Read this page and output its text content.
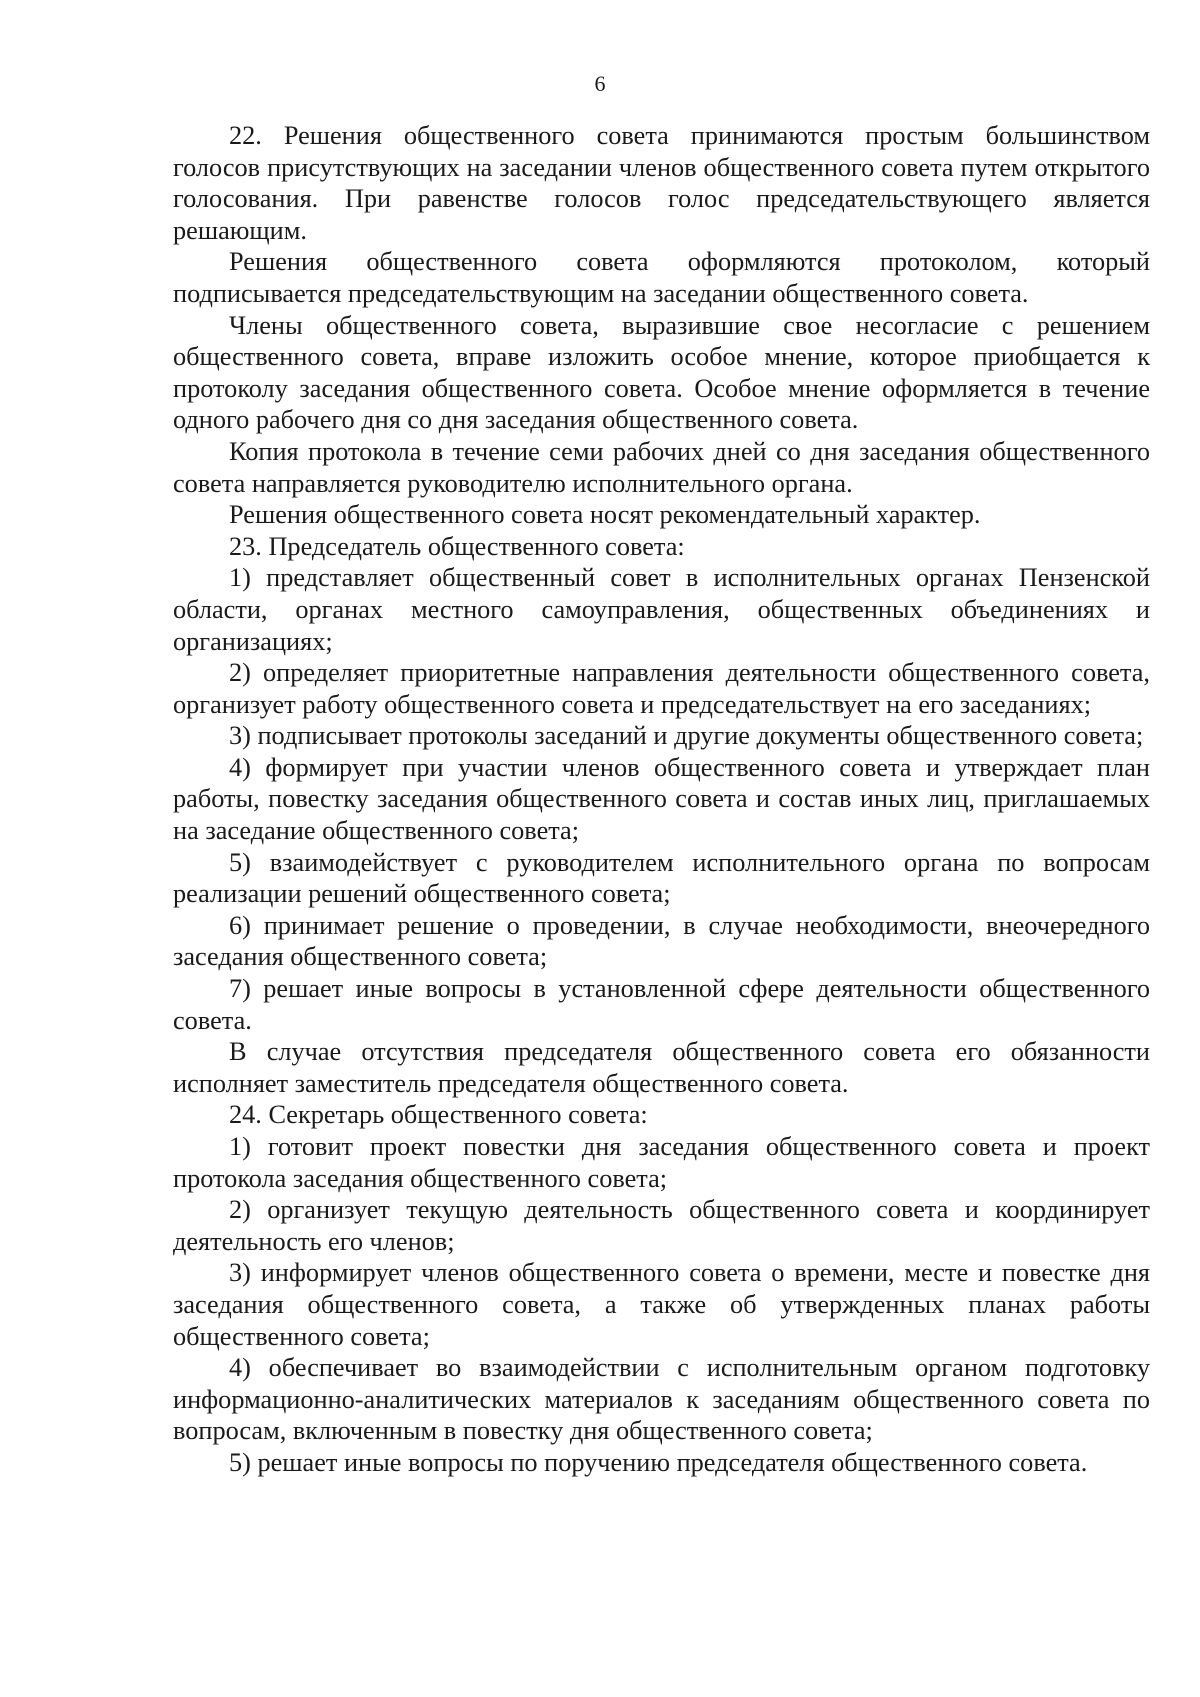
6

22. Решения общественного совета принимаются простым большинством голосов присутствующих на заседании членов общественного совета путем открытого голосования. При равенстве голосов голос председательствующего является решающим.

Решения общественного совета оформляются протоколом, который подписывается председательствующим на заседании общественного совета.

Члены общественного совета, выразившие свое несогласие с решением общественного совета, вправе изложить особое мнение, которое приобщается к протоколу заседания общественного совета. Особое мнение оформляется в течение одного рабочего дня со дня заседания общественного совета.

Копия протокола в течение семи рабочих дней со дня заседания общественного совета направляется руководителю исполнительного органа.

Решения общественного совета носят рекомендательный характер.

23. Председатель общественного совета:

1) представляет общественный совет в исполнительных органах Пензенской области, органах местного самоуправления, общественных объединениях и организациях;

2) определяет приоритетные направления деятельности общественного совета, организует работу общественного совета и председательствует на его заседаниях;

3) подписывает протоколы заседаний и другие документы общественного совета;

4) формирует при участии членов общественного совета и утверждает план работы, повестку заседания общественного совета и состав иных лиц, приглашаемых на заседание общественного совета;

5) взаимодействует с руководителем исполнительного органа по вопросам реализации решений общественного совета;

6) принимает решение о проведении, в случае необходимости, внеочередного заседания общественного совета;

7) решает иные вопросы в установленной сфере деятельности общественного совета.

В случае отсутствия председателя общественного совета его обязанности исполняет заместитель председателя общественного совета.

24. Секретарь общественного совета:

1) готовит проект повестки дня заседания общественного совета и проект протокола заседания общественного совета;

2) организует текущую деятельность общественного совета и координирует деятельность его членов;

3) информирует членов общественного совета о времени, месте и повестке дня заседания общественного совета, а также об утвержденных планах работы общественного совета;

4) обеспечивает во взаимодействии с исполнительным органом подготовку информационно-аналитических материалов к заседаниям общественного совета по вопросам, включенным в повестку дня общественного совета;

5) решает иные вопросы по поручению председателя общественного совета.
